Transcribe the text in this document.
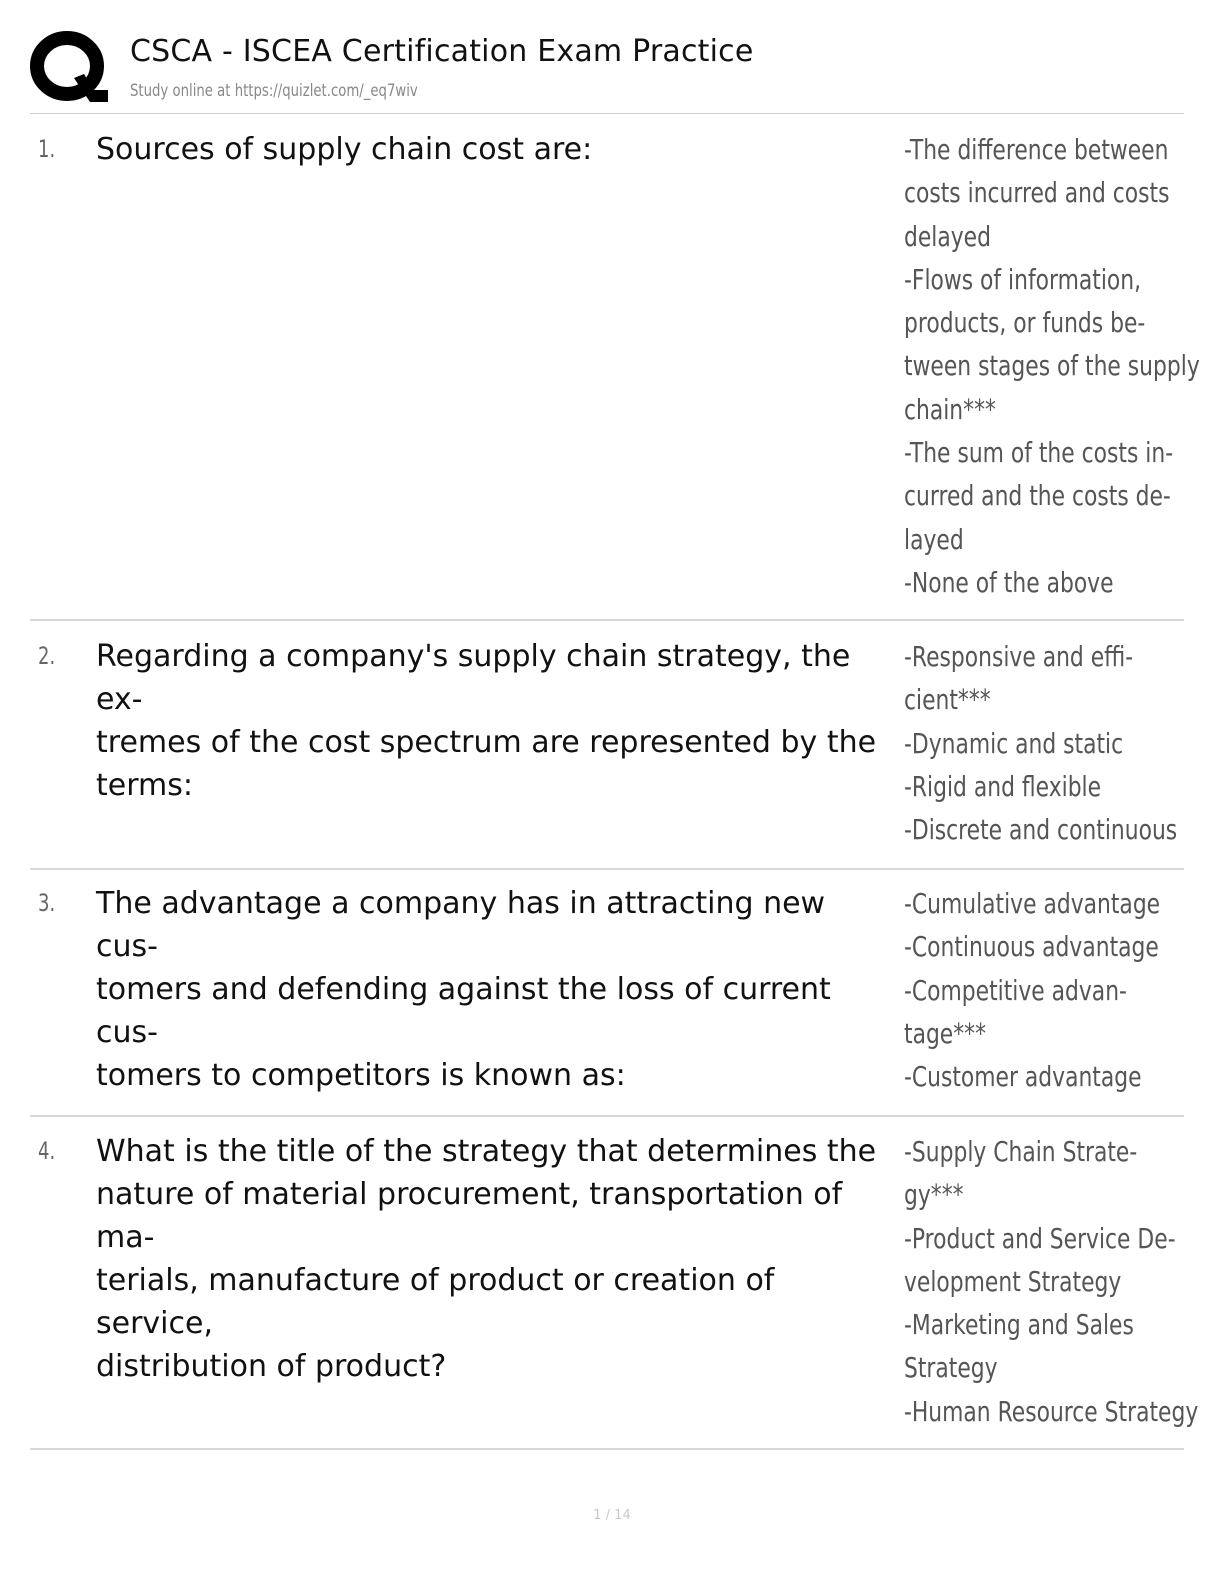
CSCA - ISCEA Certification Exam Practice
Study online at https://quizlet.com/_eq7wiv
1. Sources of supply chain cost are:	-The difference between
costs incurred and costs
delayed
-Flows of information,
products, or funds be-
tween stages of the supply
chain***
-The sum of the costs in-
curred and the costs de-
layed
-None of the above
2. Regarding a company's supply chain strategy, the ex-
tremes of the cost spectrum are represented by the
terms:
-Responsive and effi-
cient***
-Dynamic and static
-Rigid and flexible
-Discrete and continuous
3. The advantage a company has in attracting new cus-
tomers and defending against the loss of current cus-
tomers to competitors is known as:
-Cumulative advantage
-Continuous advantage
-Competitive advan-
tage***
-Customer advantage
4. What is the title of the strategy that determines the
nature of material procurement, transportation of ma-
terials, manufacture of product or creation of service,
distribution of product?
-Supply Chain Strate-
gy***
-Product and Service De-
velopment Strategy
-Marketing and Sales
Strategy
-Human Resource Strategy
1 / 14
